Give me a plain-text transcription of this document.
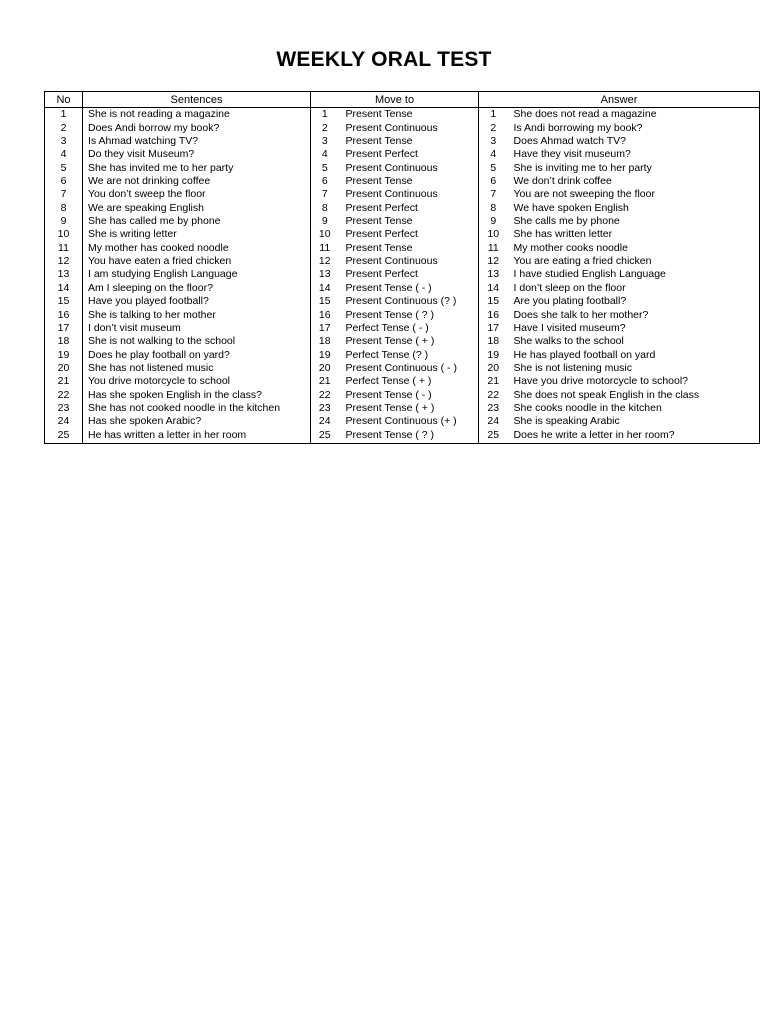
WEEKLY ORAL TEST
No	Sentences	Move to		Answer	
1	She is not reading a magazine	1	Present Tense	1	She does not read a magazine
2	Does Andi borrow my book?	2	Present Continuous	2	Is Andi borrowing my book?
3	Is Ahmad watching TV?	3	Present Tense	3	Does Ahmad watch TV?
4	Do they visit Museum?	4	Present Perfect	4	Have they visit museum?
5	She has invited me to her party	5	Present Continuous	5	She is inviting me to her party
6	We are not drinking coffee	6	Present Tense	6	We don’t drink coffee
7	You don’t sweep the floor	7	Present Continuous	7	You are not sweeping the floor
8	We are speaking English	8	Present Perfect	8	We have spoken English
9	She has called me by phone	9	Present Tense	9	She calls me by phone
10	She is writing letter	10	Present Perfect	10	She has written letter
11	My mother has cooked noodle	11	Present Tense	11	My mother cooks noodle
12	You have eaten a fried chicken	12	Present Continuous	12	You are eating a fried chicken
13	I am studying English Language	13	Present Perfect	13	I have studied English Language
14	Am I sleeping on the floor?	14	Present Tense ( - )	14	I don’t sleep on the floor
15	Have you played football?	15	Present Continuous (? )	15	Are you plating football?
16	She is talking to her mother	16	Present Tense ( ? )	16	Does she talk to her mother?
17	I don’t visit museum	17	Perfect Tense ( - )	17	Have I visited museum?
18	She is not walking to the school	18	Present Tense ( + )	18	She walks to the school
19	Does he play football on yard?	19	Perfect Tense (? )	19	He has played football on yard
20	She has not listened music	20	Present Continuous ( - )	20	She is not listening music
21	You drive motorcycle to school	21	Perfect Tense ( + )	21	Have you drive motorcycle to school?
22	Has she spoken English in the class?	22	Present Tense ( - )	22	She does not speak English in the class
23	She has not cooked noodle in the kitchen	23	Present Tense ( + )	23	She cooks noodle in the kitchen
24	Has she spoken Arabic?	24	Present Continuous (+ )	24	She is speaking Arabic
25	He has written a letter in her room	25	Present Tense ( ? )	25	Does he write a letter in her room?
